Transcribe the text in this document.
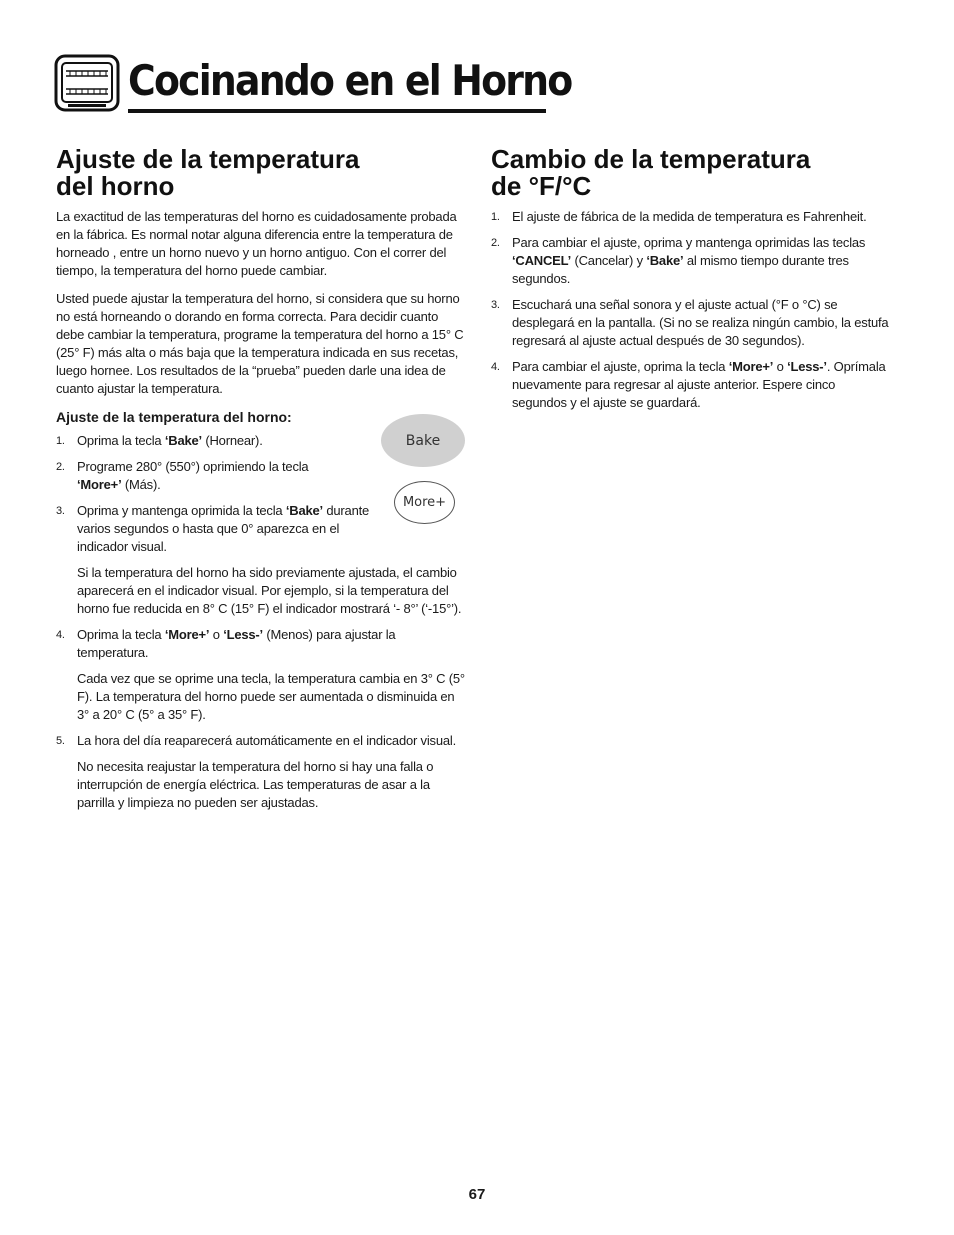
Cocinando en el Horno
Ajuste de la temperatura
del horno

La exactitud de las temperaturas del horno es cuidadosamente probada en la fábrica. Es normal notar alguna diferencia entre la temperatura de horneado , entre un horno nuevo y un horno antiguo. Con el correr del tiempo, la temperatura del horno puede cambiar.

Usted puede ajustar la temperatura del horno, si considera que su horno no está horneando o dorando en forma correcta. Para decidir cuanto debe cambiar la temperatura, programe la temperatura del horno a 15° C (25° F) más alta o más baja que la temperatura indicada en sus recetas, luego hornee. Los resultados de la “prueba” pueden darle una idea de cuanto ajustar la temperatura.

Ajuste de la temperatura del horno:
1. Oprima la tecla ‘Bake’ (Hornear).
2. Programe 280° (550°) oprimiendo la tecla
‘More+’ (Más).
3. Oprima y mantenga oprimida la tecla ‘Bake’ durante varios segundos o hasta que 0° aparezca en el indicador visual.
Si la temperatura del horno ha sido previamente ajustada, el cambio aparecerá en el indicador visual. Por ejemplo, si la temperatura del horno fue reducida en 8° C (15° F) el indicador mostrará ‘- 8°’ (‘-15°’).
4. Oprima la tecla ‘More+’ o ‘Less-’ (Menos) para ajustar la temperatura.
Cada vez que se oprime una tecla, la temperatura cambia en 3° C (5° F). La temperatura del horno puede ser aumentada o disminuida en 3° a 20° C (5° a 35° F).
5. La hora del día reaparecerá automáticamente en el indicador visual.
No necesita reajustar la temperatura del horno si hay una falla o interrupción de energía eléctrica. Las temperaturas de asar a la parrilla y limpieza no pueden ser ajustadas.
Bake
More+
Cambio de la temperatura
de °F/°C
1. El ajuste de fábrica de la medida de temperatura es Fahrenheit.
2. Para cambiar el ajuste, oprima y mantenga oprimidas las teclas ‘CANCEL’ (Cancelar) y ‘Bake’ al mismo tiempo durante tres segundos.
3. Escuchará una señal sonora y el ajuste actual (°F o °C) se desplegará en la pantalla. (Si no se realiza ningún cambio, la estufa regresará al ajuste actual después de 30 segundos).
4. Para cambiar el ajuste, oprima la tecla ‘More+’ o ‘Less-’. Oprímala nuevamente para regresar al ajuste anterior. Espere cinco segundos y el ajuste se guardará.
67
